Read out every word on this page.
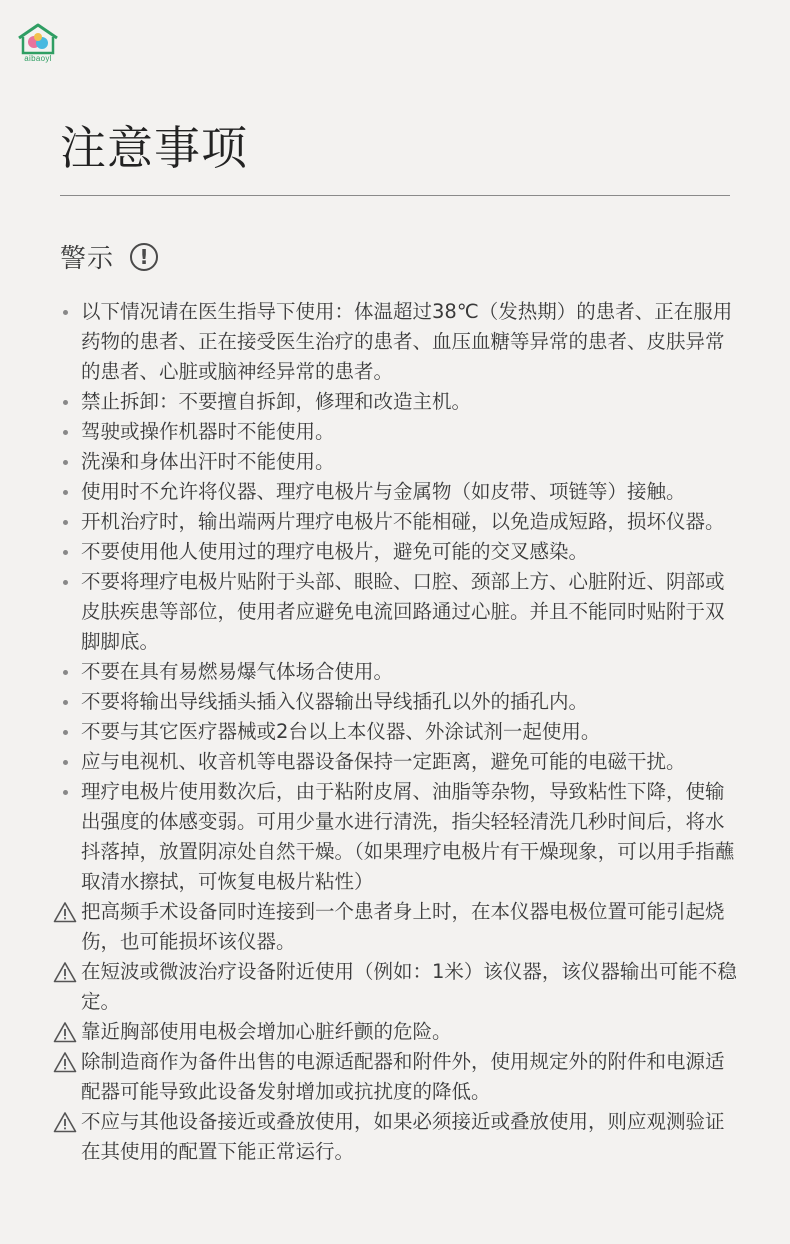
aibaoyl
注意事项
警示	!
以下情况请在医生指导下使用：体温超过38℃（发热期）的患者、正在服用药物的患者、正在接受医生治疗的患者、血压血糖等异常的患者、皮肤异常的患者、心脏或脑神经异常的患者。
禁止拆卸：不要擅自拆卸，修理和改造主机。
驾驶或操作机器时不能使用。
洗澡和身体出汗时不能使用。
使用时不允许将仪器、理疗电极片与金属物（如皮带、项链等）接触。
开机治疗时，输出端两片理疗电极片不能相碰，以免造成短路，损坏仪器。
不要使用他人使用过的理疗电极片，避免可能的交叉感染。
不要将理疗电极片贴附于头部、眼睑、口腔、颈部上方、心脏附近、阴部或皮肤疾患等部位，使用者应避免电流回路通过心脏。并且不能同时贴附于双脚脚底。
不要在具有易燃易爆气体场合使用。
不要将输出导线插头插入仪器输出导线插孔以外的插孔内。
不要与其它医疗器械或2台以上本仪器、外涂试剂一起使用。
应与电视机、收音机等电器设备保持一定距离，避免可能的电磁干扰。
理疗电极片使用数次后，由于粘附皮屑、油脂等杂物，导致粘性下降，使输出强度的体感变弱。可用少量水进行清洗，指尖轻轻清洗几秒时间后，将水抖落掉，放置阴凉处自然干燥。（如果理疗电极片有干燥现象，可以用手指蘸取清水擦拭，可恢复电极片粘性）
把高频手术设备同时连接到一个患者身上时，在本仪器电极位置可能引起烧伤，也可能损坏该仪器。
在短波或微波治疗设备附近使用（例如：1米）该仪器，该仪器输出可能不稳定。
靠近胸部使用电极会增加心脏纤颤的危险。
除制造商作为备件出售的电源适配器和附件外，使用规定外的附件和电源适配器可能导致此设备发射增加或抗扰度的降低。
不应与其他设备接近或叠放使用，如果必须接近或叠放使用，则应观测验证在其使用的配置下能正常运行。
